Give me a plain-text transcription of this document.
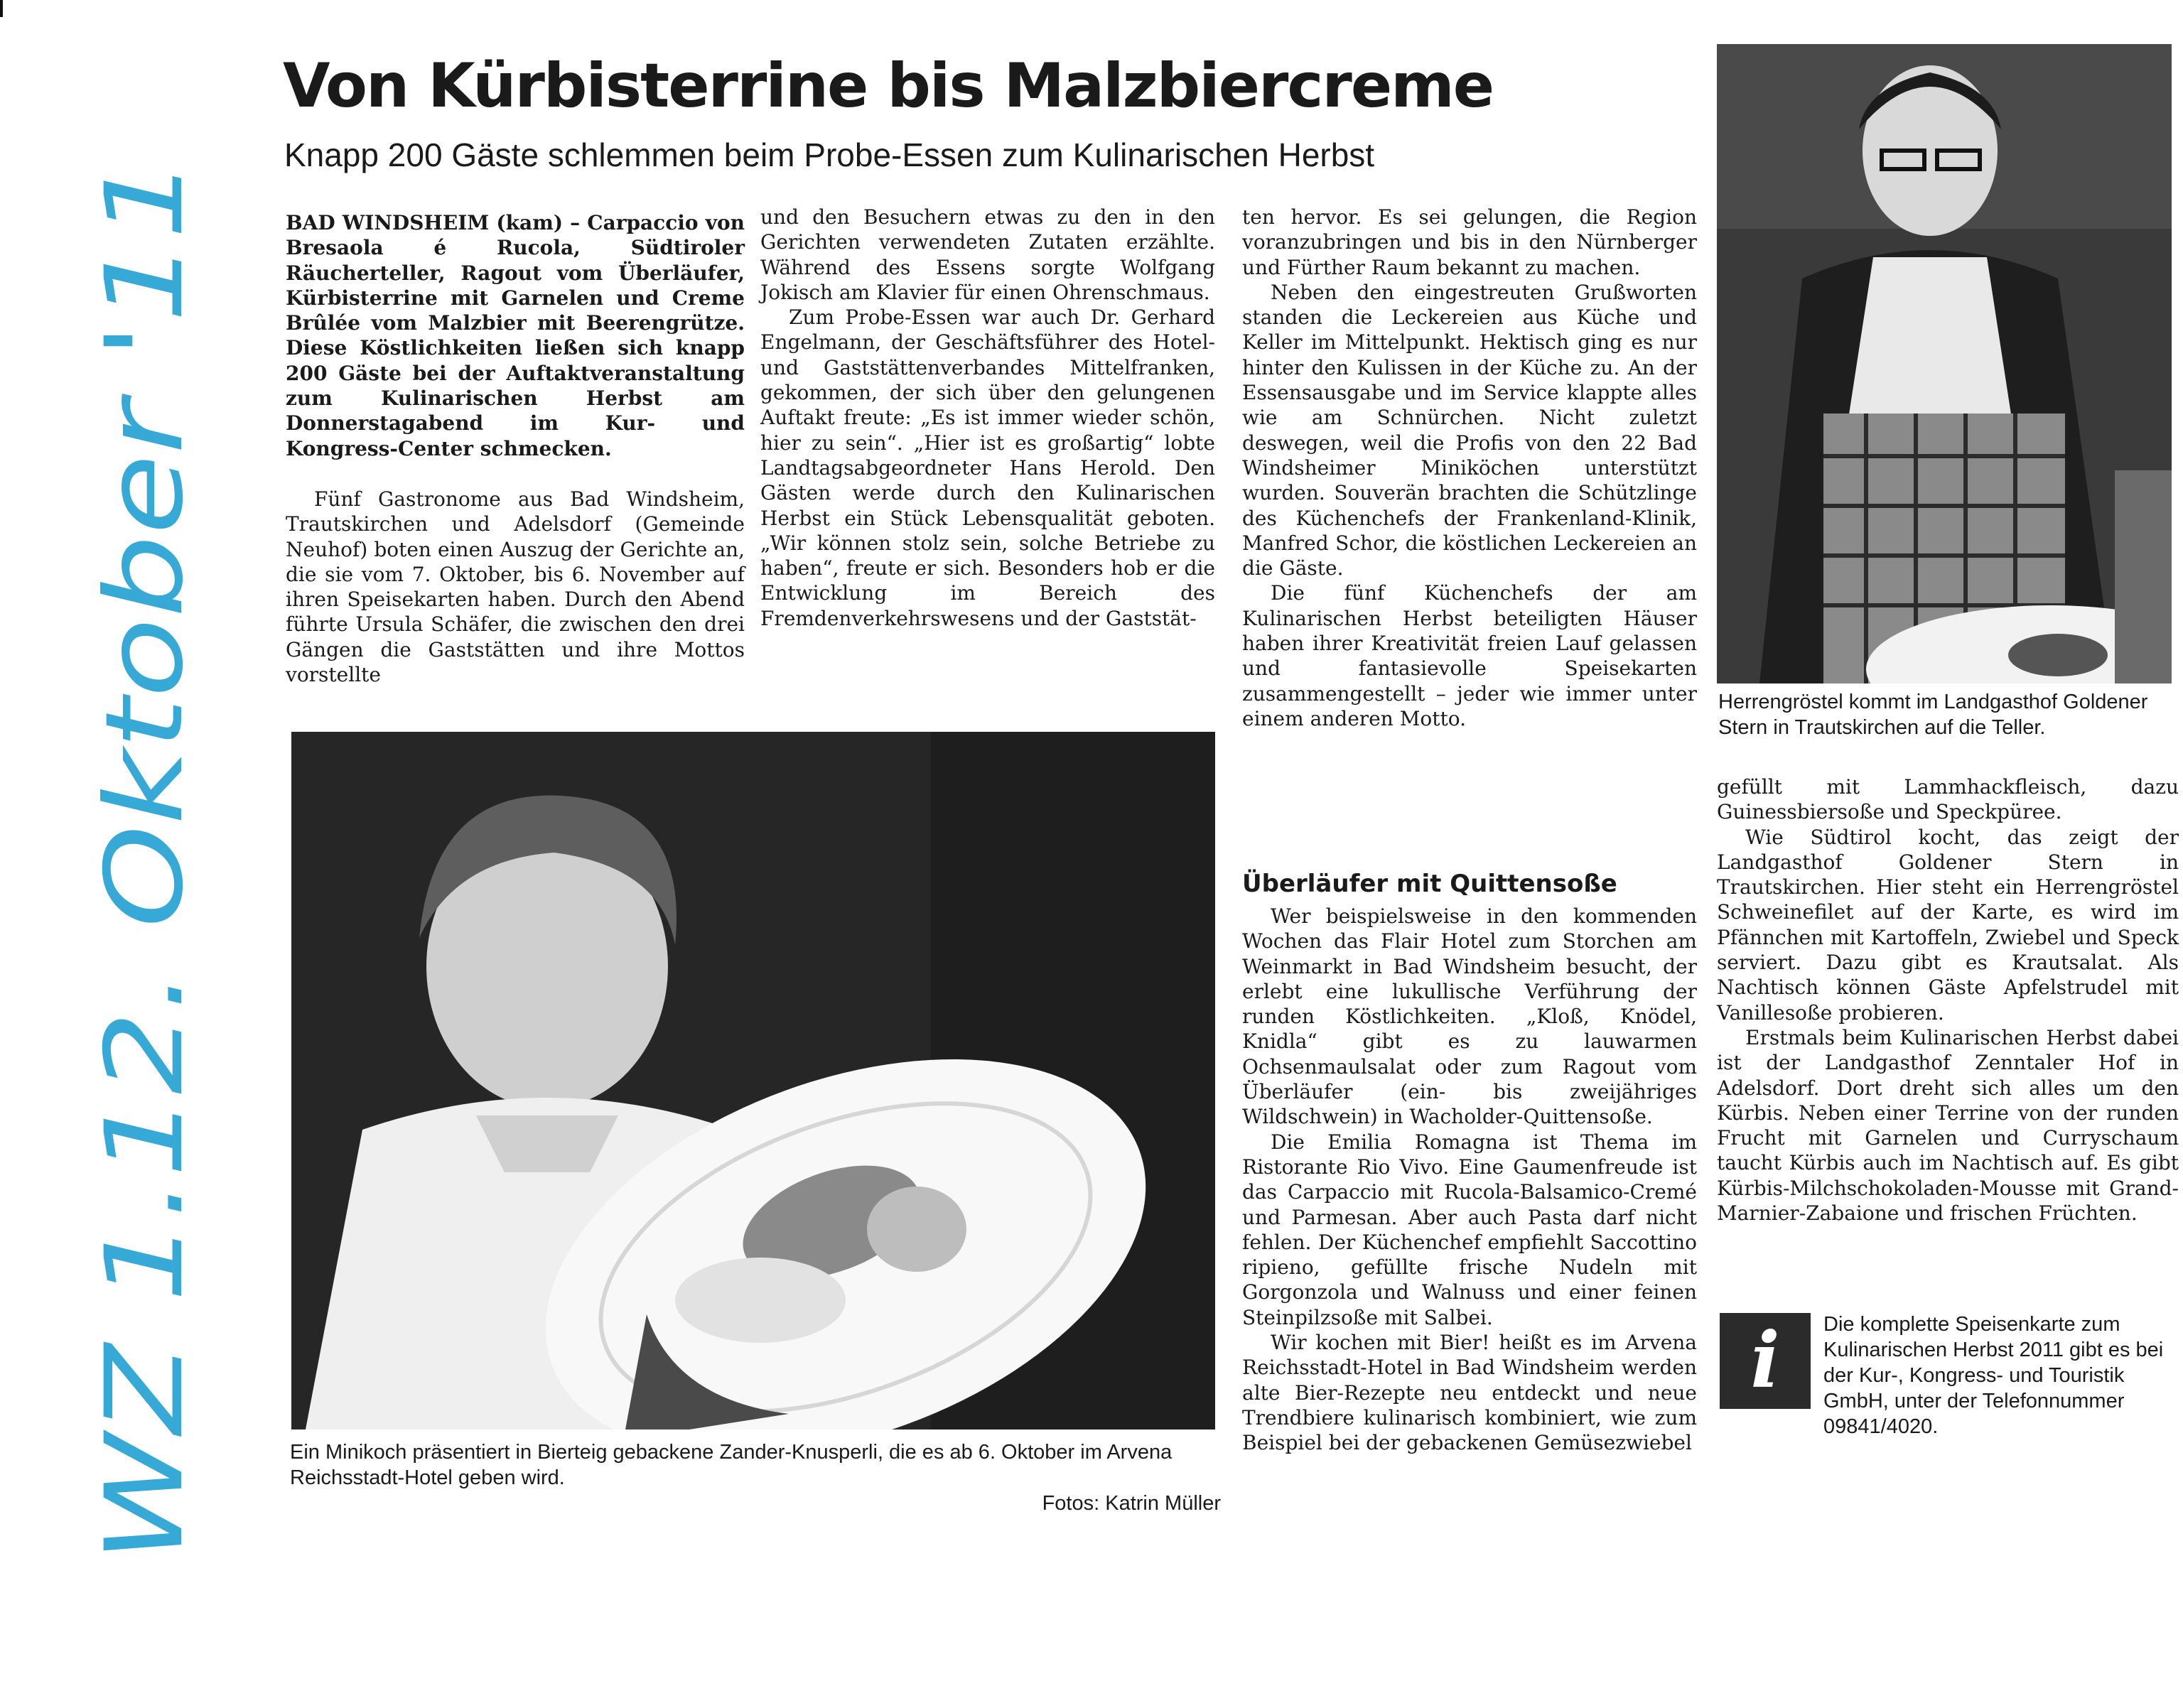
WZ 1.12. Oktober '11
Von Kürbisterrine bis Malzbiercreme
Knapp 200 Gäste schlemmen beim Probe-Essen zum Kulinarischen Herbst

BAD WINDSHEIM (kam) – Carpaccio von Bresaola é Rucola, Südtiroler Räucherteller, Ragout vom Überläufer, Kürbisterrine mit Garnelen und Creme Brûlée vom Malzbier mit Beerengrütze. Diese Köstlichkeiten ließen sich knapp 200 Gäste bei der Auftaktveranstaltung zum Kulinarischen Herbst am Donnerstagabend im Kur- und Kongress-Center schmecken.

Fünf Gastronome aus Bad Windsheim, Trautskirchen und Adelsdorf (Gemeinde Neuhof) boten einen Auszug der Gerichte an, die sie vom 7. Oktober, bis 6. November auf ihren Speisekarten haben. Durch den Abend führte Ursula Schäfer, die zwischen den drei Gängen die Gaststätten und ihre Mottos vorstellte

und den Besuchern etwas zu den in den Gerichten verwendeten Zutaten erzählte. Während des Essens sorgte Wolfgang Jokisch am Klavier für einen Ohrenschmaus.

Zum Probe-Essen war auch Dr. Gerhard Engelmann, der Geschäftsführer des Hotel- und Gaststättenverbandes Mittelfranken, gekommen, der sich über den gelungenen Auftakt freute: „Es ist immer wieder schön, hier zu sein“. „Hier ist es großartig“ lobte Landtagsabgeordneter Hans Herold. Den Gästen werde durch den Kulinarischen Herbst ein Stück Lebensqualität geboten. „Wir können stolz sein, solche Betriebe zu haben“, freute er sich. Besonders hob er die Entwicklung im Bereich des Fremdenverkehrswesens und der Gaststät-

ten hervor. Es sei gelungen, die Region voranzubringen und bis in den Nürnberger und Fürther Raum bekannt zu machen.

Neben den eingestreuten Grußworten standen die Leckereien aus Küche und Keller im Mittelpunkt. Hektisch ging es nur hinter den Kulissen in der Küche zu. An der Essensausgabe und im Service klappte alles wie am Schnürchen. Nicht zuletzt deswegen, weil die Profis von den 22 Bad Windsheimer Miniköchen unterstützt wurden. Souverän brachten die Schützlinge des Küchenchefs der Frankenland-Klinik, Manfred Schor, die köstlichen Leckereien an die Gäste.

Die fünf Küchenchefs der am Kulinarischen Herbst beteiligten Häuser haben ihrer Kreativität freien Lauf gelassen und fantasievolle Speisekarten zusammengestellt – jeder wie immer unter einem anderen Motto.

Überläufer mit Quittensoße

Wer beispielsweise in den kommenden Wochen das Flair Hotel zum Storchen am Weinmarkt in Bad Windsheim besucht, der erlebt eine lukullische Verführung der runden Köstlichkeiten. „Kloß, Knödel, Knidla“ gibt es zu lauwarmen Ochsenmaulsalat oder zum Ragout vom Überläufer (ein- bis zweijähriges Wildschwein) in Wacholder-Quittensoße.

Die Emilia Romagna ist Thema im Ristorante Rio Vivo. Eine Gaumenfreude ist das Carpaccio mit Rucola-Balsamico-Cremé und Parmesan. Aber auch Pasta darf nicht fehlen. Der Küchenchef empfiehlt Saccottino ripieno, gefüllte frische Nudeln mit Gorgonzola und Walnuss und einer feinen Steinpilzsoße mit Salbei.

Wir kochen mit Bier! heißt es im Arvena Reichsstadt-Hotel in Bad Windsheim werden alte Bier-Rezepte neu entdeckt und neue Trendbiere kulinarisch kombiniert, wie zum Beispiel bei der gebackenen Gemüsezwiebel

Herrengröstel kommt im Landgasthof Goldener Stern in Trautskirchen auf die Teller.

gefüllt mit Lammhackfleisch, dazu Guinessbiersoße und Speckpüree.

Wie Südtirol kocht, das zeigt der Landgasthof Goldener Stern in Trautskirchen. Hier steht ein Herrengröstel Schweinefilet auf der Karte, es wird im Pfännchen mit Kartoffeln, Zwiebel und Speck serviert. Dazu gibt es Krautsalat. Als Nachtisch können Gäste Apfelstrudel mit Vanillesoße probieren.

Erstmals beim Kulinarischen Herbst dabei ist der Landgasthof Zenntaler Hof in Adelsdorf. Dort dreht sich alles um den Kürbis. Neben einer Terrine von der runden Frucht mit Garnelen und Curryschaum taucht Kürbis auch im Nachtisch auf. Es gibt Kürbis-Milchschokoladen-Mousse mit Grand-Marnier-Zabaione und frischen Früchten.

i	Die komplette Speisenkarte zum Kulinarischen Herbst 2011 gibt es bei der Kur-, Kongress- und Touristik GmbH, unter der Telefonnummer 09841/4020.
Ein Minikoch präsentiert in Bierteig gebackene Zander-Knusperli, die es ab 6. Oktober im Arvena Reichsstadt-Hotel geben wird.
Fotos: Katrin Müller
